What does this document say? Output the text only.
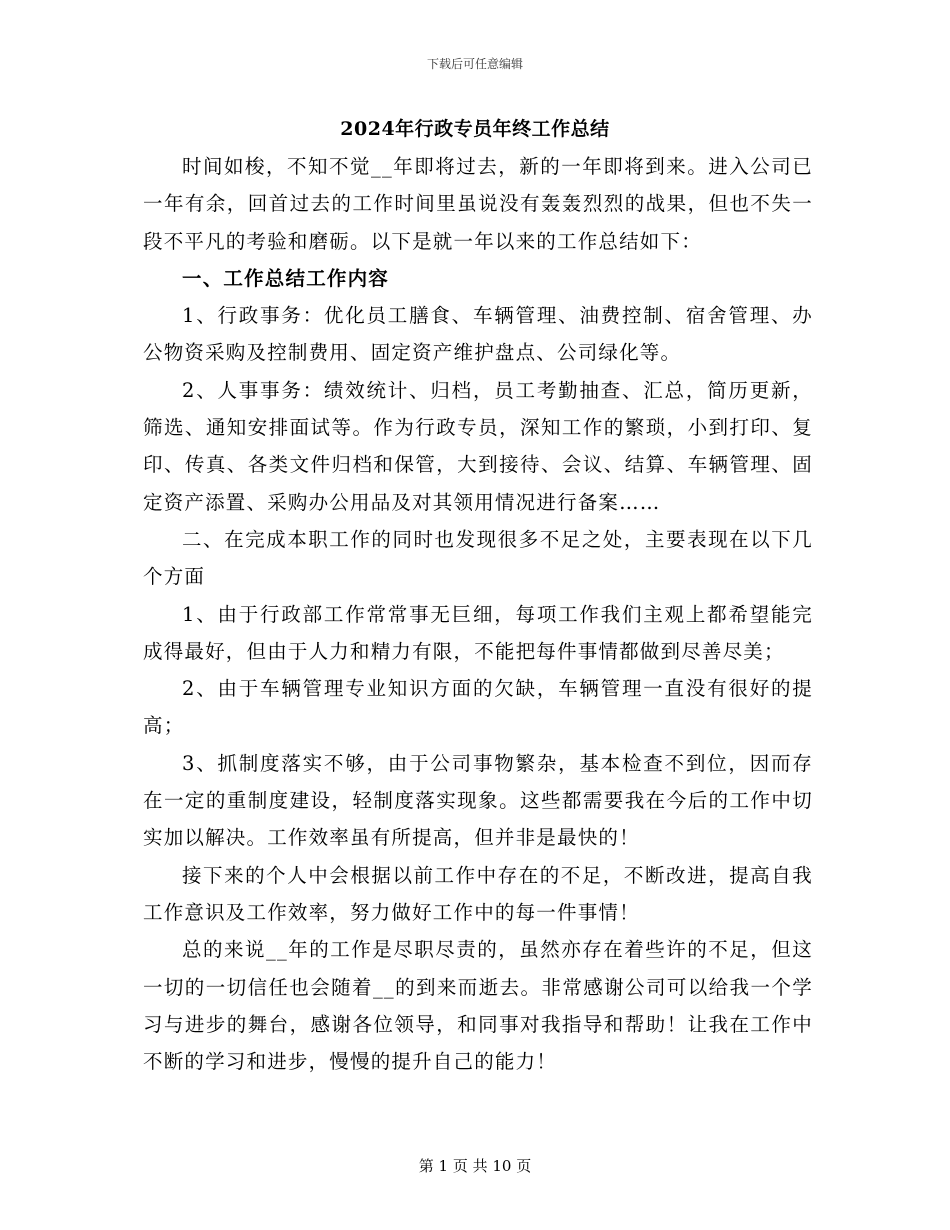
下载后可任意编辑
2024年行政专员年终工作总结

时间如梭，不知不觉__年即将过去，新的一年即将到来。进入公司已一年有余，回首过去的工作时间里虽说没有轰轰烈烈的战果，但也不失一段不平凡的考验和磨砺。以下是就一年以来的工作总结如下：

一、工作总结工作内容

1、行政事务：优化员工膳食、车辆管理、油费控制、宿舍管理、办公物资采购及控制费用、固定资产维护盘点、公司绿化等。

2、人事事务：绩效统计、归档，员工考勤抽查、汇总，简历更新，筛选、通知安排面试等。作为行政专员，深知工作的繁琐，小到打印、复印、传真、各类文件归档和保管，大到接待、会议、结算、车辆管理、固定资产添置、采购办公用品及对其领用情况进行备案……

二、在完成本职工作的同时也发现很多不足之处，主要表现在以下几个方面

1、由于行政部工作常常事无巨细，每项工作我们主观上都希望能完成得最好，但由于人力和精力有限，不能把每件事情都做到尽善尽美；

2、由于车辆管理专业知识方面的欠缺，车辆管理一直没有很好的提高；

3、抓制度落实不够，由于公司事物繁杂，基本检查不到位，因而存在一定的重制度建设，轻制度落实现象。这些都需要我在今后的工作中切实加以解决。工作效率虽有所提高，但并非是最快的！

接下来的个人中会根据以前工作中存在的不足，不断改进，提高自我工作意识及工作效率，努力做好工作中的每一件事情！

总的来说__年的工作是尽职尽责的，虽然亦存在着些许的不足，但这一切的一切信任也会随着__的到来而逝去。非常感谢公司可以给我一个学习与进步的舞台，感谢各位领导，和同事对我指导和帮助！让我在工作中不断的学习和进步，慢慢的提升自己的能力！

第 1 页 共 10 页
